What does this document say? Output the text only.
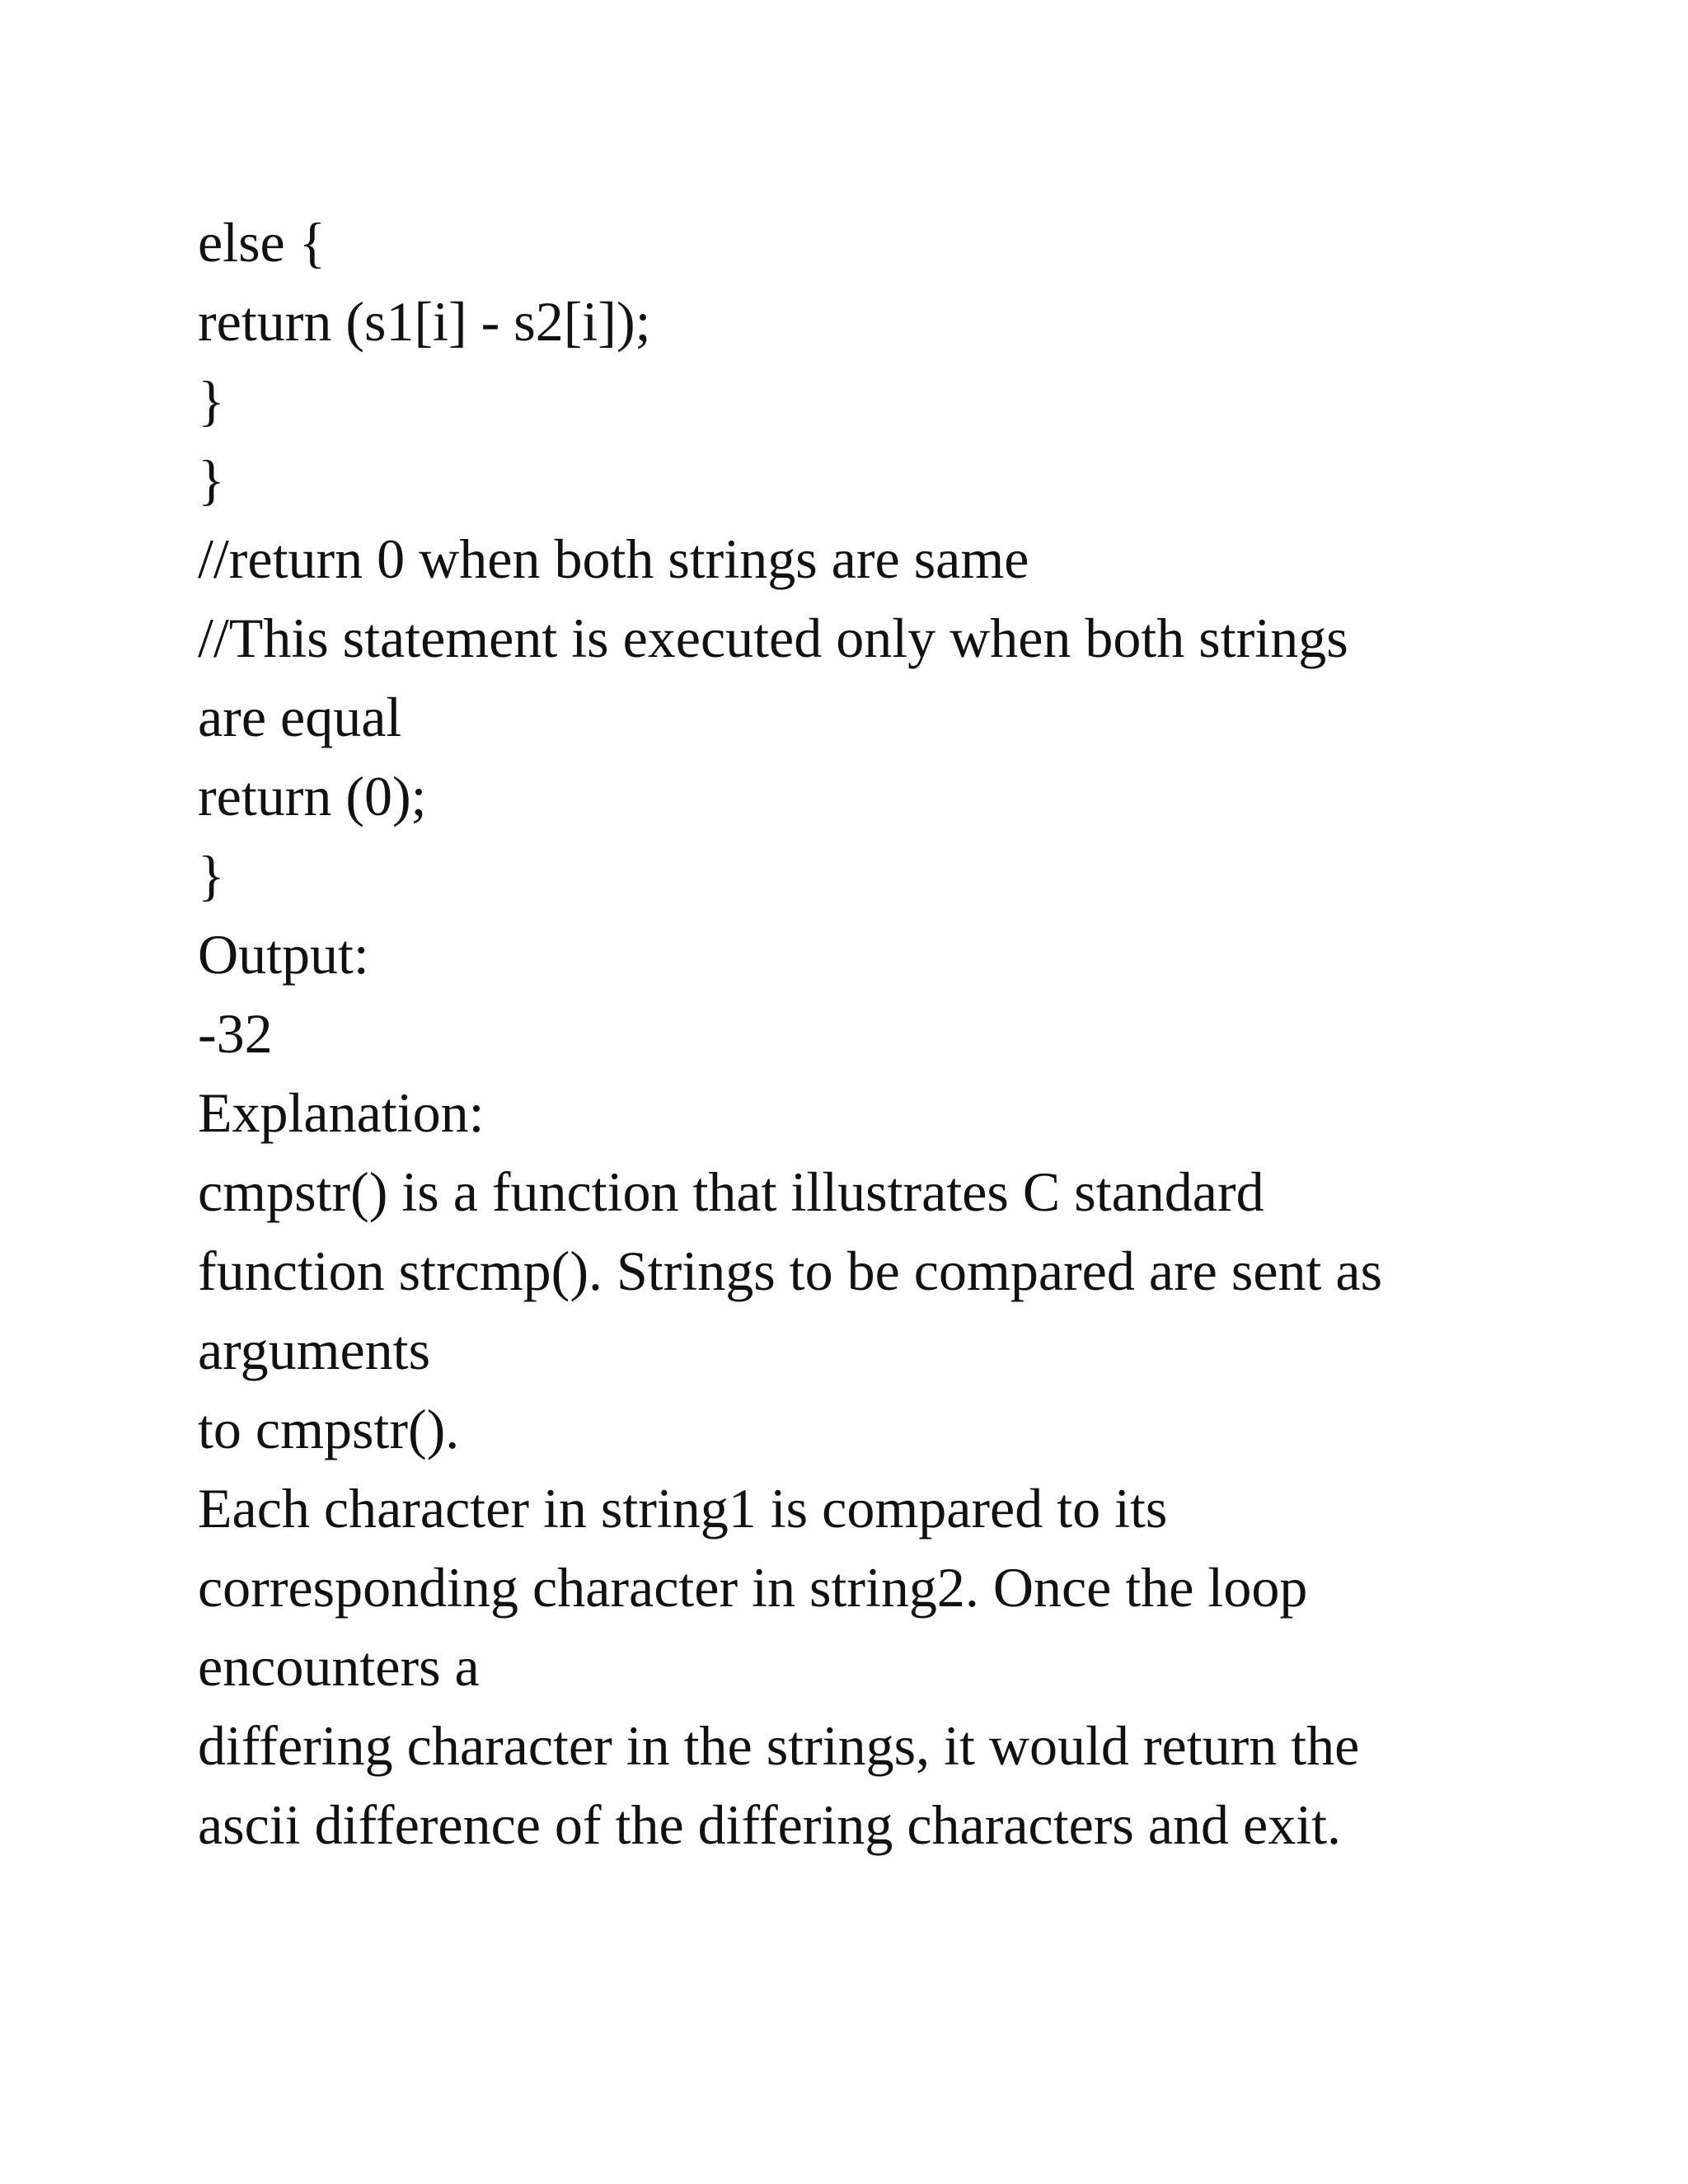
else {
return (s1[i] - s2[i]);
}
}
//return 0 when both strings are same
//This statement is executed only when both strings
are equal
return (0);
}
Output:
-32
Explanation:
cmpstr() is a function that illustrates C standard
function strcmp(). Strings to be compared are sent as
arguments
to cmpstr().
Each character in string1 is compared to its
corresponding character in string2. Once the loop
encounters a
differing character in the strings, it would return the
ascii difference of the differing characters and exit.
